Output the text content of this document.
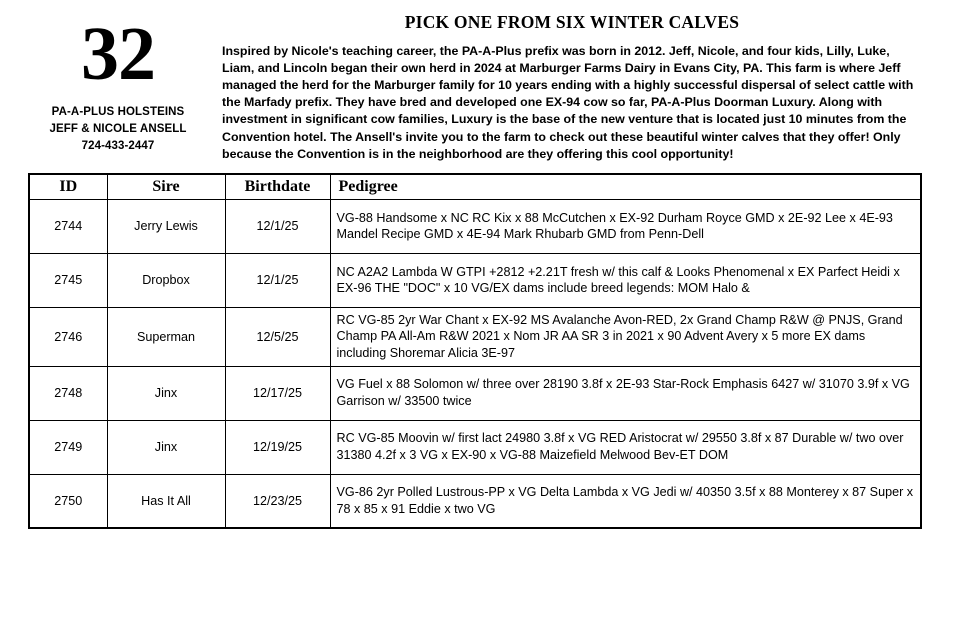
32
PA-A-PLUS HOLSTEINS
JEFF & NICOLE ANSELL
724-433-2447
PICK ONE FROM SIX WINTER CALVES
Inspired by Nicole's teaching career, the PA-A-Plus prefix was born in 2012. Jeff, Nicole, and four kids, Lilly, Luke, Liam, and Lincoln began their own herd in 2024 at Marburger Farms Dairy in Evans City, PA. This farm is where Jeff managed the herd for the Marburger family for 10 years ending with a highly successful dispersal of select cattle with the Marfady prefix. They have bred and developed one EX-94 cow so far, PA-A-Plus Doorman Luxury. Along with investment in significant cow families, Luxury is the base of the new venture that is located just 10 minutes from the Convention hotel. The Ansell's invite you to the farm to check out these beautiful winter calves that they offer! Only because the Convention is in the neighborhood are they offering this cool opportunity!
ID	Sire	Birthdate	Pedigree
2744	Jerry Lewis	12/1/25	VG-88 Handsome x NC RC Kix x 88 McCutchen x EX-92 Durham Royce GMD x 2E-92 Lee x 4E-93 Mandel Recipe GMD x 4E-94 Mark Rhubarb GMD from Penn-Dell
2745	Dropbox	12/1/25	NC A2A2 Lambda W GTPI +2812 +2.21T fresh w/ this calf & Looks Phenomenal x EX Parfect Heidi x EX-96 THE "DOC" x 10 VG/EX dams include breed legends: MOM Halo &
2746	Superman	12/5/25	RC VG-85 2yr War Chant x EX-92 MS Avalanche Avon-RED, 2x Grand Champ R&W @ PNJS, Grand Champ PA All-Am R&W 2021 x Nom JR AA SR 3 in 2021 x 90 Advent Avery x 5 more EX dams including Shoremar Alicia 3E-97
2748	Jinx	12/17/25	VG Fuel x 88 Solomon w/ three over 28190 3.8f x 2E-93 Star-Rock Emphasis 6427 w/ 31070 3.9f x VG Garrison w/ 33500 twice
2749	Jinx	12/19/25	RC VG-85 Moovin w/ first lact 24980 3.8f x VG RED Aristocrat w/ 29550 3.8f x 87 Durable w/ two over 31380 4.2f x 3 VG x EX-90 x VG-88 Maizefield Melwood Bev-ET DOM
2750	Has It All	12/23/25	VG-86 2yr Polled Lustrous-PP x VG Delta Lambda x VG Jedi w/ 40350 3.5f x 88 Monterey x 87 Super x 78 x 85 x 91 Eddie x two VG
